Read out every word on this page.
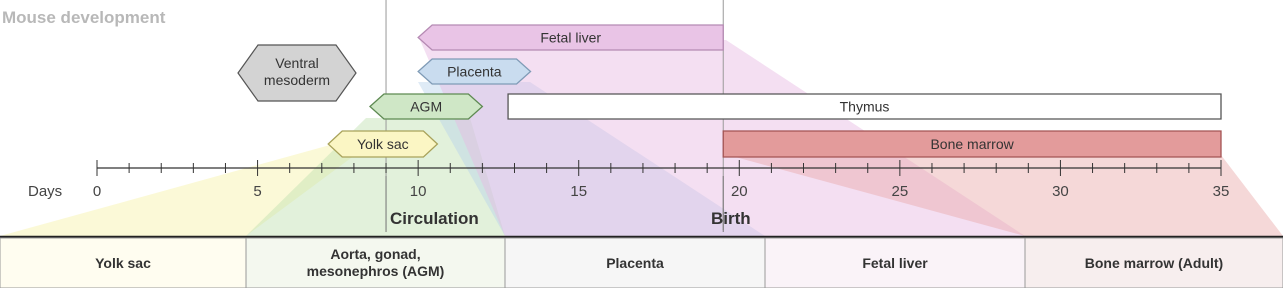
Mouse development
Ventral
mesoderm
Fetal liver
Placenta
AGM	Thymus
Yolk sac	Bone marrow
0	5	10	15	20	25	30	35
Days
Circulation	Birth
Yolk sac
Aorta, gonad,
mesonephros (AGM)	Placenta	Fetal liver	Bone marrow (Adult)
